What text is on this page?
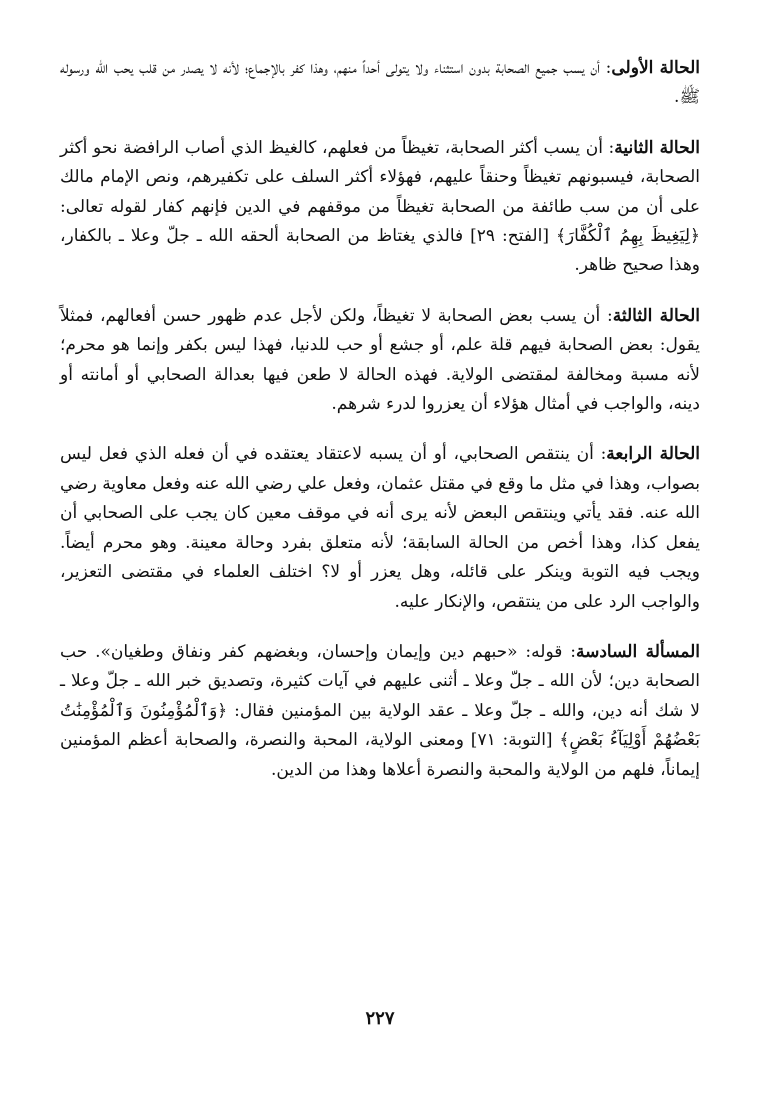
الحالة الأولى: أن يسب جميع الصحابة بدون استثناء ولا يتولى أحداً منهم، وهذا كفر بالإجماع؛ لأنه لا يصدر من قلب يحب الله ورسوله ﷺ.

الحالة الثانية: أن يسب أكثر الصحابة، تغيظاً من فعلهم، كالغيظ الذي أصاب الرافضة نحو أكثر الصحابة، فيسبونهم تغيظاً وحنقاً عليهم، فهؤلاء أكثر السلف على تكفيرهم، ونص الإمام مالك على أن من سب طائفة من الصحابة تغيظاً من موقفهم في الدين فإنهم كفار لقوله تعالى: ﴿لِيَغِيظَ بِهِمُ ٱلْكُفَّارَ﴾ [الفتح: ٢٩] فالذي يغتاظ من الصحابة ألحقه الله ـ جلّ وعلا ـ بالكفار، وهذا صحيح ظاهر.

الحالة الثالثة: أن يسب بعض الصحابة لا تغيظاً، ولكن لأجل عدم ظهور حسن أفعالهم، فمثلاً يقول: بعض الصحابة فيهم قلة علم، أو جشع أو حب للدنيا، فهذا ليس بكفر وإنما هو محرم؛ لأنه مسبة ومخالفة لمقتضى الولاية. فهذه الحالة لا طعن فيها بعدالة الصحابي أو أمانته أو دينه، والواجب في أمثال هؤلاء أن يعزروا لدرء شرهم.

الحالة الرابعة: أن ينتقص الصحابي، أو أن يسبه لاعتقاد يعتقده في أن فعله الذي فعل ليس بصواب، وهذا في مثل ما وقع في مقتل عثمان، وفعل علي رضي الله عنه وفعل معاوية رضي الله عنه. فقد يأتي وينتقص البعض لأنه يرى أنه في موقف معين كان يجب على الصحابي أن يفعل كذا، وهذا أخص من الحالة السابقة؛ لأنه متعلق بفرد وحالة معينة. وهو محرم أيضاً. ويجب فيه التوبة وينكر على قائله، وهل يعزر أو لا؟ اختلف العلماء في مقتضى التعزير، والواجب الرد على من ينتقص، والإنكار عليه.

المسألة السادسة: قوله: «حبهم دين وإيمان وإحسان، وبغضهم كفر ونفاق وطغيان». حب الصحابة دين؛ لأن الله ـ جلّ وعلا ـ أثنى عليهم في آيات كثيرة، وتصديق خبر الله ـ جلّ وعلا ـ لا شك أنه دين، والله ـ جلّ وعلا ـ عقد الولاية بين المؤمنين فقال: ﴿وَٱلْمُؤْمِنُونَ وَٱلْمُؤْمِنَٰتُ بَعْضُهُمْ أَوْلِيَآءُ بَعْضٍ﴾ [التوبة: ٧١] ومعنى الولاية، المحبة والنصرة، والصحابة أعظم المؤمنين إيماناً، فلهم من الولاية والمحبة والنصرة أعلاها وهذا من الدين.

٢٢٧
